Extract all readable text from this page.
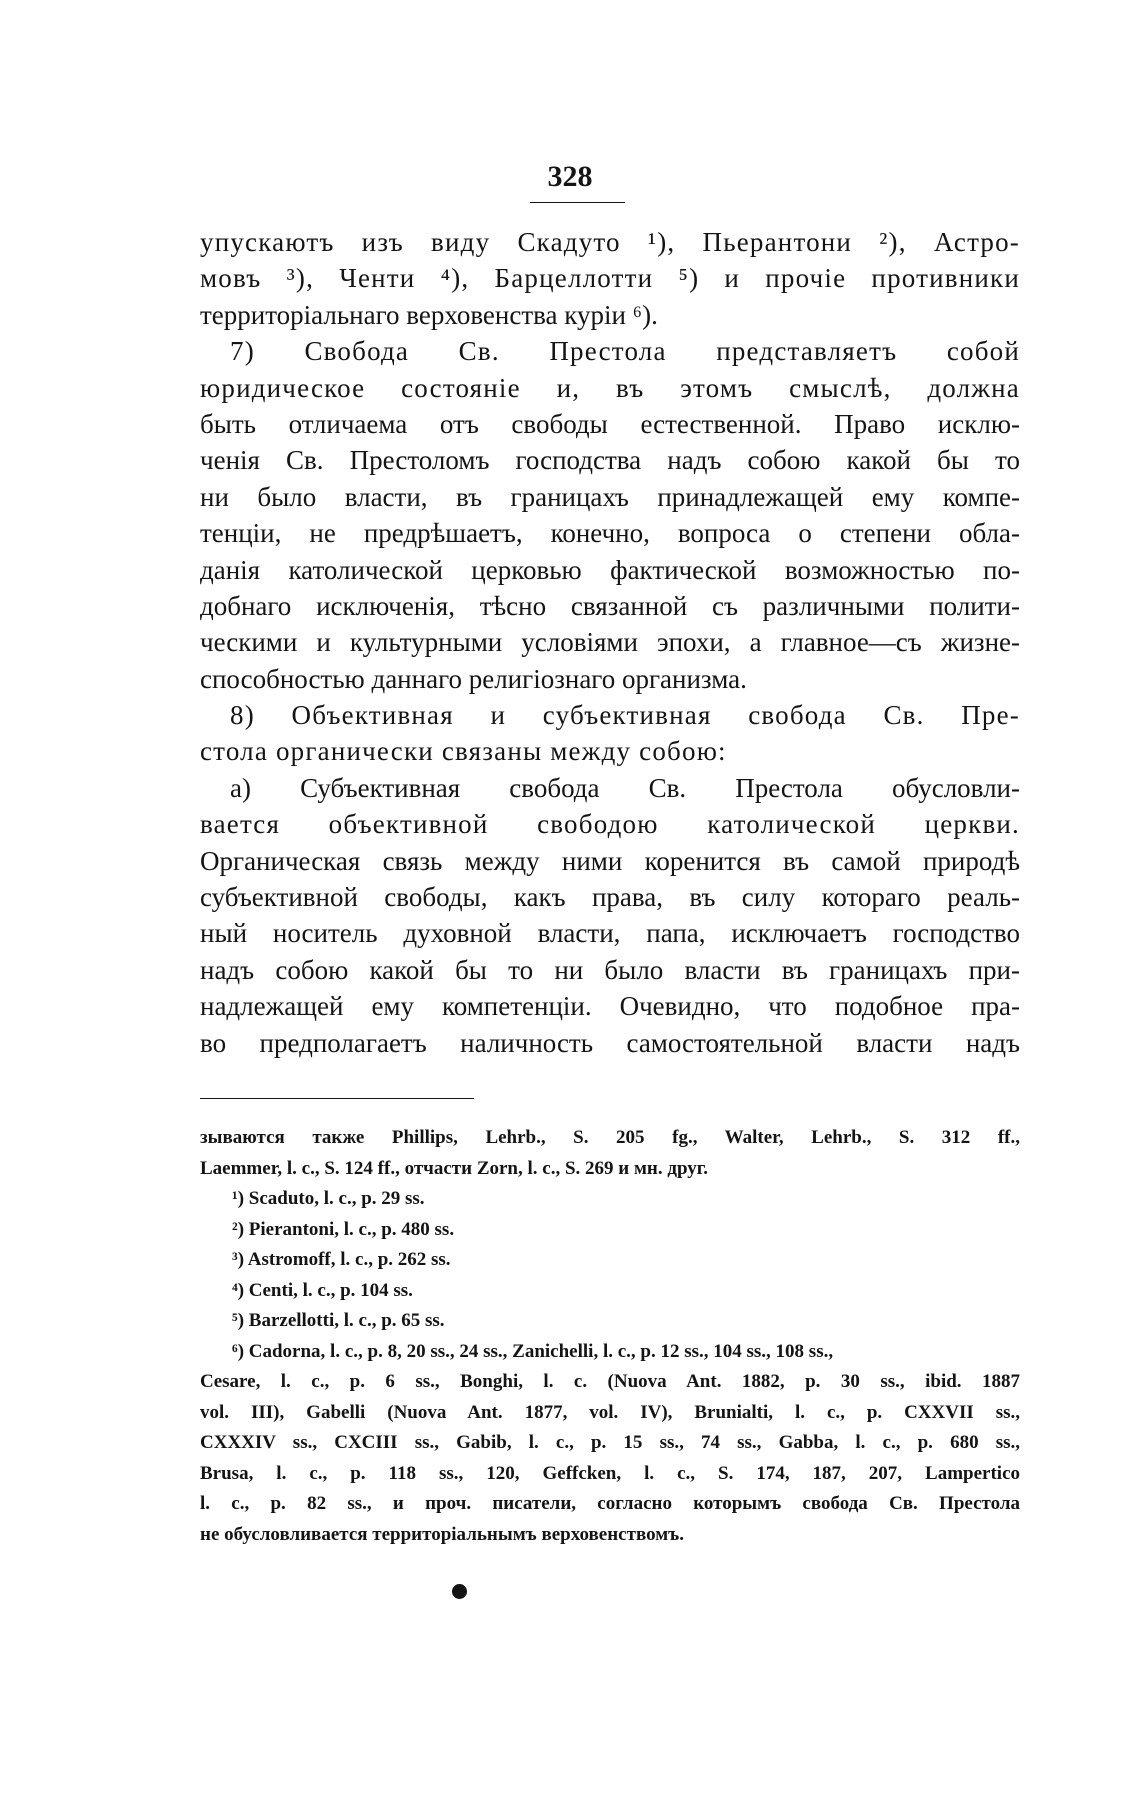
328
упускаютъ изъ виду Скадуто ¹), Пьерантони ²), Астро-
мовъ ³), Ченти ⁴), Барцеллотти ⁵) и прочіе противники
территоріальнаго верховенства куріи ⁶).
7) Свобода Св. Престола представляетъ собой
юридическое состояніе и, въ этомъ смыслѣ, должна
быть отличаема отъ свободы естественной. Право исклю-
ченія Св. Престоломъ господства надъ собою какой бы то
ни было власти, въ границахъ принадлежащей ему компе-
тенціи, не предрѣшаетъ, конечно, вопроса о степени обла-
данія католической церковью фактической возможностью по-
добнаго исключенія, тѣсно связанной съ различными полити-
ческими и культурными условіями эпохи, а главное—съ жизне-
способностью даннаго религіознаго организма.
8) Объективная и субъективная свобода Св. Пре-
стола органически связаны между собою:
а) Субъективная свобода Св. Престола обусловли-
вается объективной свободою католической церкви.
Органическая связь между ними коренится въ самой природѣ
субъективной свободы, какъ права, въ силу котораго реаль-
ный носитель духовной власти, папа, исключаетъ господство
надъ собою какой бы то ни было власти въ границахъ при-
надлежащей ему компетенціи. Очевидно, что подобное пра-
во предполагаетъ наличность самостоятельной власти надъ
зываются также Phillips, Lehrb., S. 205 fg., Walter, Lehrb., S. 312 ff.,
Laemmer, l. c., S. 124 ff., отчасти Zorn, l. c., S. 269 и мн. друг.
¹) Scaduto, l. c., p. 29 ss.
²) Pierantoni, l. c., p. 480 ss.
³) Astromoff, l. c., p. 262 ss.
⁴) Centi, l. c., p. 104 ss.
⁵) Barzellotti, l. c., p. 65 ss.
⁶) Cadorna, l. c., p. 8, 20 ss., 24 ss., Zanichelli, l. c., p. 12 ss., 104 ss., 108 ss.,
Cesare, l. c., p. 6 ss., Bonghi, l. c. (Nuova Ant. 1882, p. 30 ss., ibid. 1887
vol. III), Gabelli (Nuova Ant. 1877, vol. IV), Brunialti, l. c., p. CXXVII ss.,
CXXXIV ss., CXCIII ss., Gabib, l. c., p. 15 ss., 74 ss., Gabba, l. c., p. 680 ss.,
Brusa, l. c., p. 118 ss., 120, Geffcken, l. c., S. 174, 187, 207, Lampertico
l. c., p. 82 ss., и проч. писатели, согласно которымъ свобода Св. Престола
не обусловливается территоріальнымъ верховенствомъ.
